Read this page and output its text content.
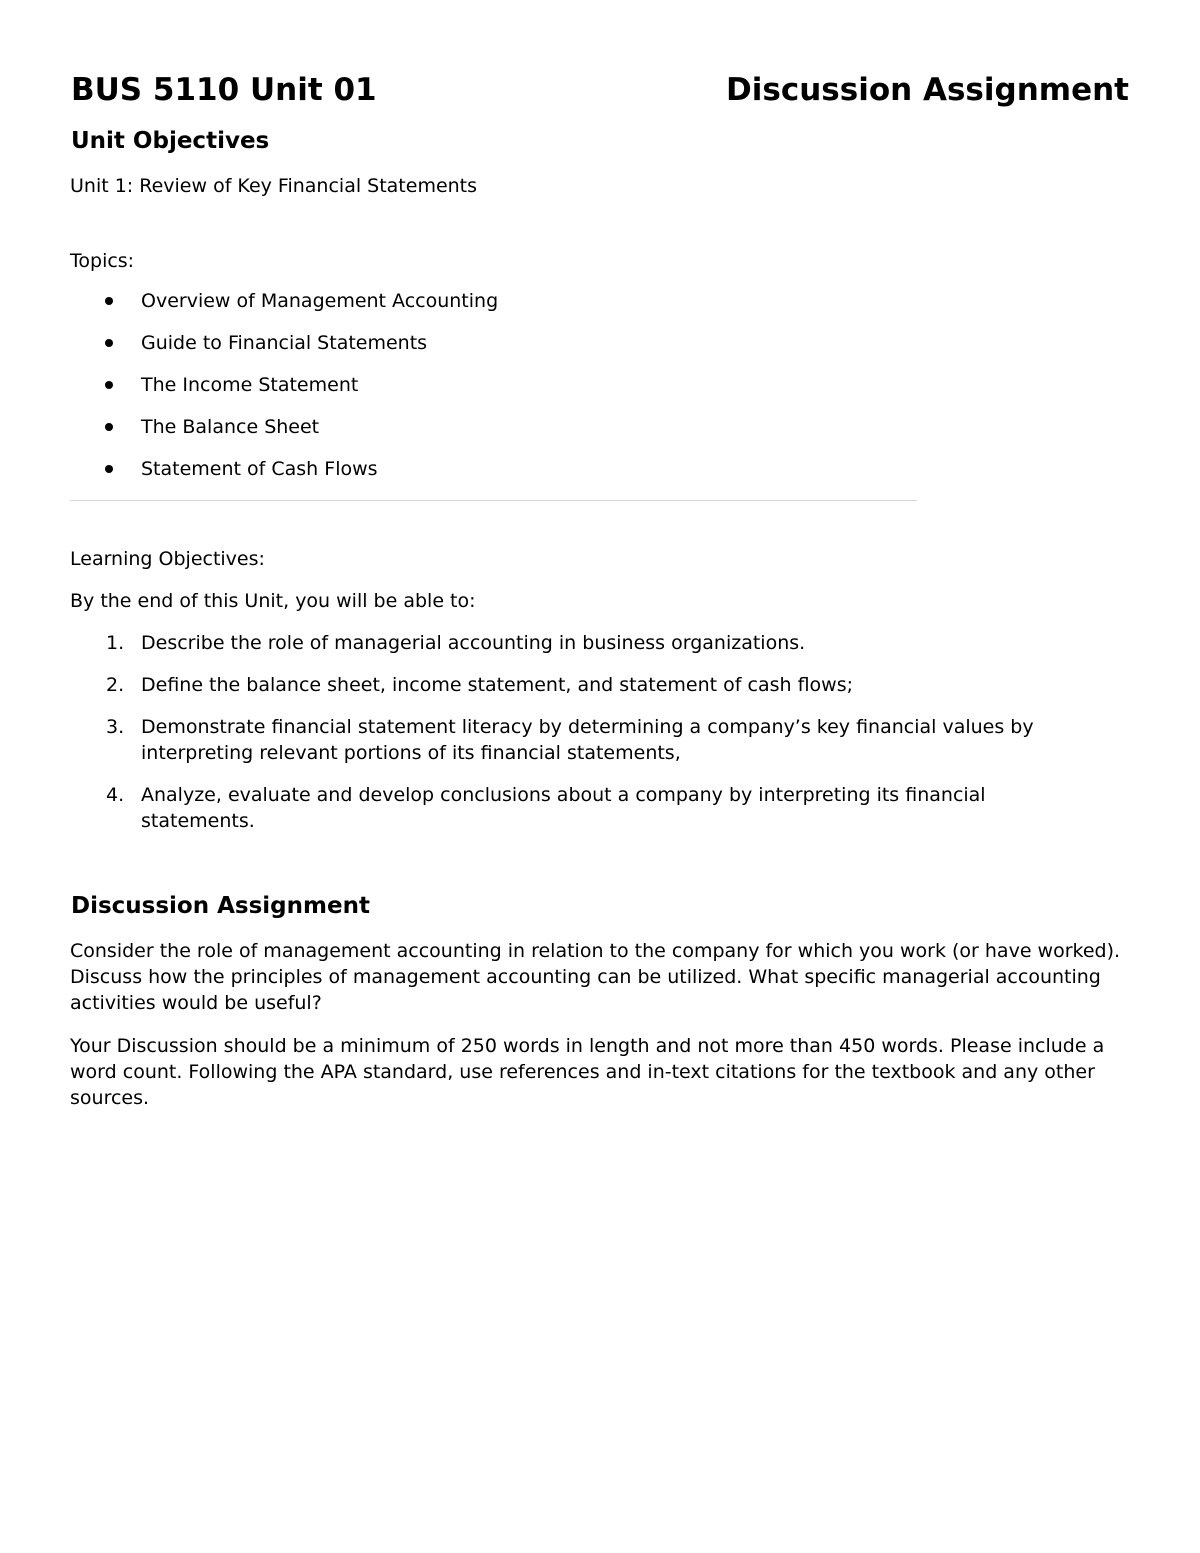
BUS 5110 Unit 01	Discussion Assignment
Unit Objectives
Unit 1: Review of Key Financial Statements
Topics:
Overview of Management Accounting
Guide to Financial Statements
The Income Statement
The Balance Sheet
Statement of Cash Flows
Learning Objectives:
By the end of this Unit, you will be able to:
1. Describe the role of managerial accounting in business organizations.
2. Define the balance sheet, income statement, and statement of cash flows;
3. Demonstrate financial statement literacy by determining a company’s key financial values by interpreting relevant portions of its financial statements,
4. Analyze, evaluate and develop conclusions about a company by interpreting its financial statements.
Discussion Assignment
Consider the role of management accounting in relation to the company for which you work (or have worked). Discuss how the principles of management accounting can be utilized. What specific managerial accounting activities would be useful?
Your Discussion should be a minimum of 250 words in length and not more than 450 words. Please include a word count. Following the APA standard, use references and in-text citations for the textbook and any other sources.
